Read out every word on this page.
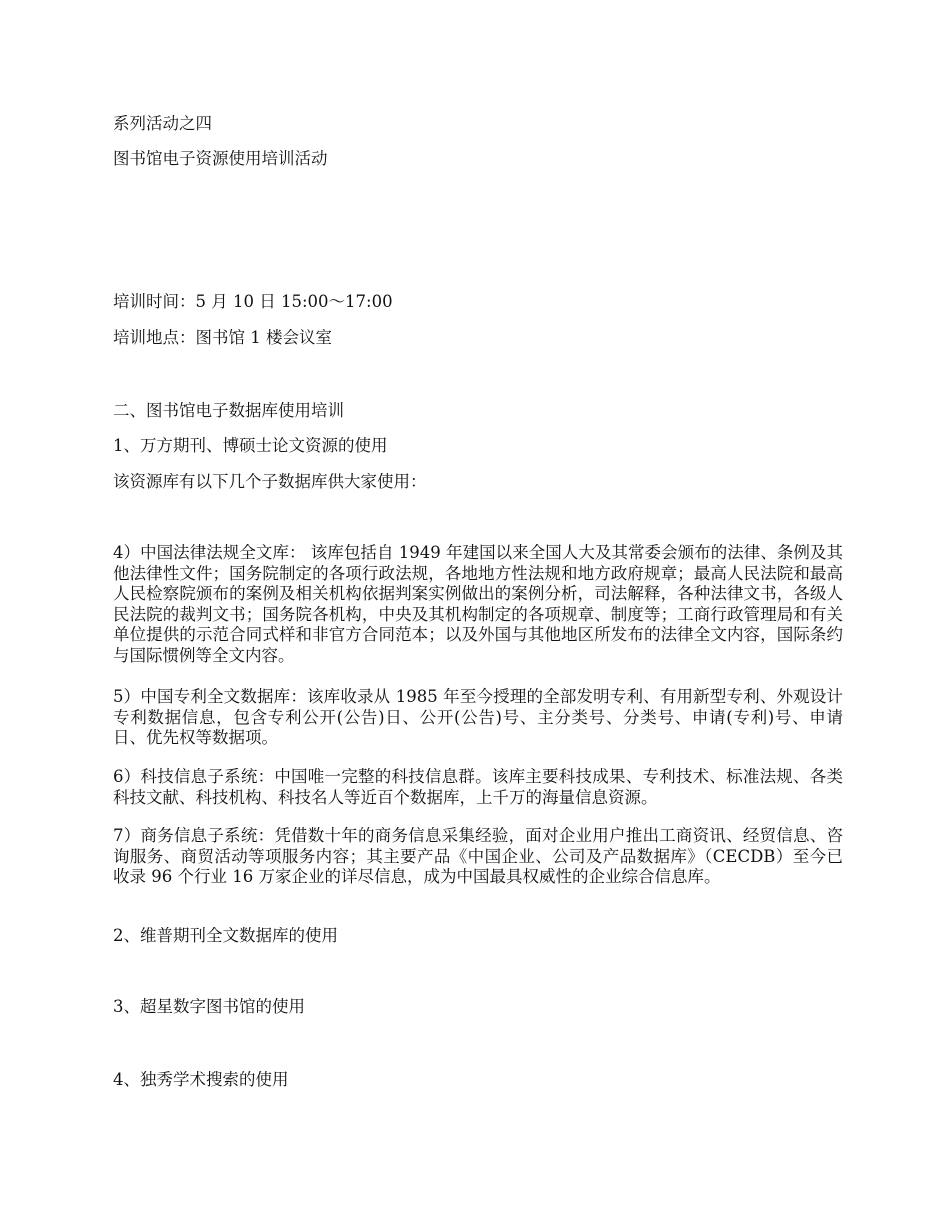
系列活动之四
图书馆电子资源使用培训活动
培训时间：5 月 10 日 15:00～17:00
培训地点：图书馆 1 楼会议室
二、图书馆电子数据库使用培训
1、万方期刊、博硕士论文资源的使用
该资源库有以下几个子数据库供大家使用：
4）中国法律法规全文库： 该库包括自 1949 年建国以来全国人大及其常委会颁布的法律、条例及其他法律性文件；国务院制定的各项行政法规，各地地方性法规和地方政府规章；最高人民法院和最高人民检察院颁布的案例及相关机构依据判案实例做出的案例分析，司法解释，各种法律文书，各级人民法院的裁判文书；国务院各机构，中央及其机构制定的各项规章、制度等；工商行政管理局和有关单位提供的示范合同式样和非官方合同范本；以及外国与其他地区所发布的法律全文内容，国际条约与国际惯例等全文内容。
5）中国专利全文数据库：该库收录从 1985 年至今授理的全部发明专利、有用新型专利、外观设计专利数据信息，包含专利公开(公告)日、公开(公告)号、主分类号、分类号、申请(专利)号、申请日、优先权等数据项。
6）科技信息子系统：中国唯一完整的科技信息群。该库主要科技成果、专利技术、标准法规、各类科技文献、科技机构、科技名人等近百个数据库，上千万的海量信息资源。
7）商务信息子系统：凭借数十年的商务信息采集经验，面对企业用户推出工商资讯、经贸信息、咨询服务、商贸活动等项服务内容；其主要产品《中国企业、公司及产品数据库》（CECDB）至今已收录 96 个行业 16 万家企业的详尽信息，成为中国最具权威性的企业综合信息库。
2、维普期刊全文数据库的使用
3、超星数字图书馆的使用
4、独秀学术搜索的使用
